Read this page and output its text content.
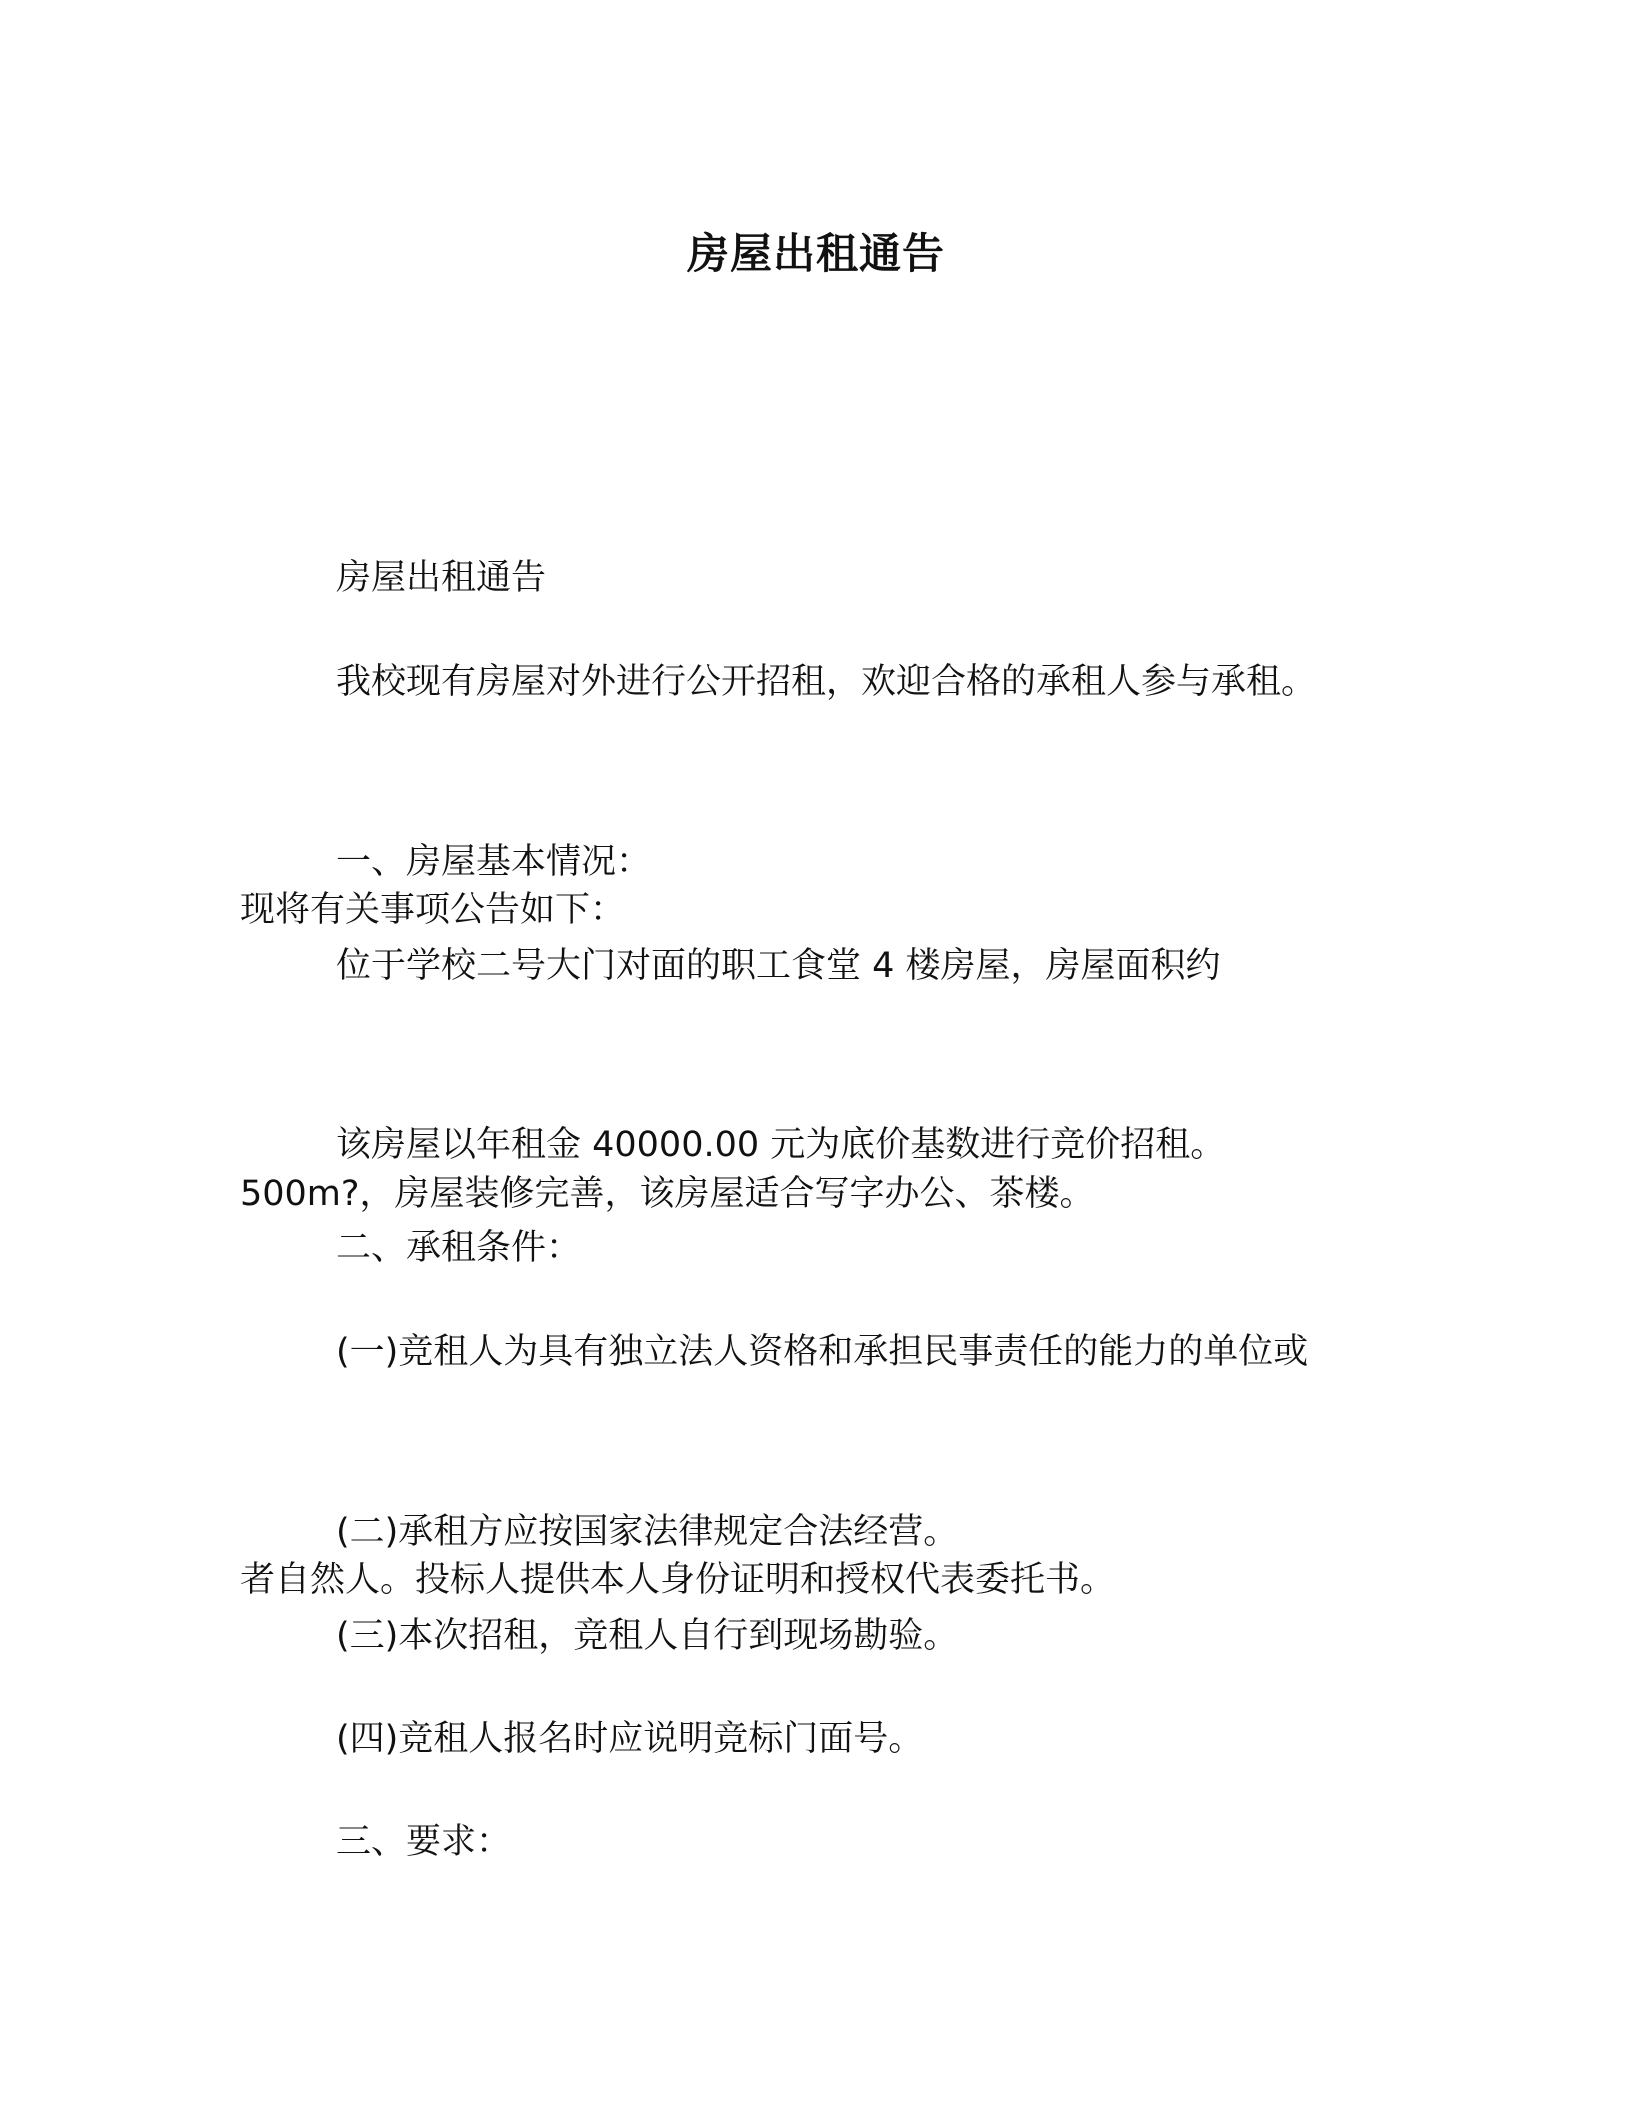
房屋出租通告

房屋出租通告

我校现有房屋对外进行公开招租，欢迎合格的承租人参与承租。

现将有关事项公告如下：

一、房屋基本情况：

位于学校二号大门对面的职工食堂 4 楼房屋，房屋面积约

500m?，房屋装修完善，该房屋适合写字办公、茶楼。

该房屋以年租金 40000.00 元为底价基数进行竞价招租。

二、承租条件：

(一)竞租人为具有独立法人资格和承担民事责任的能力的单位或

者自然人。投标人提供本人身份证明和授权代表委托书。

(二)承租方应按国家法律规定合法经营。

(三)本次招租，竞租人自行到现场勘验。

(四)竞租人报名时应说明竞标门面号。

三、要求：
